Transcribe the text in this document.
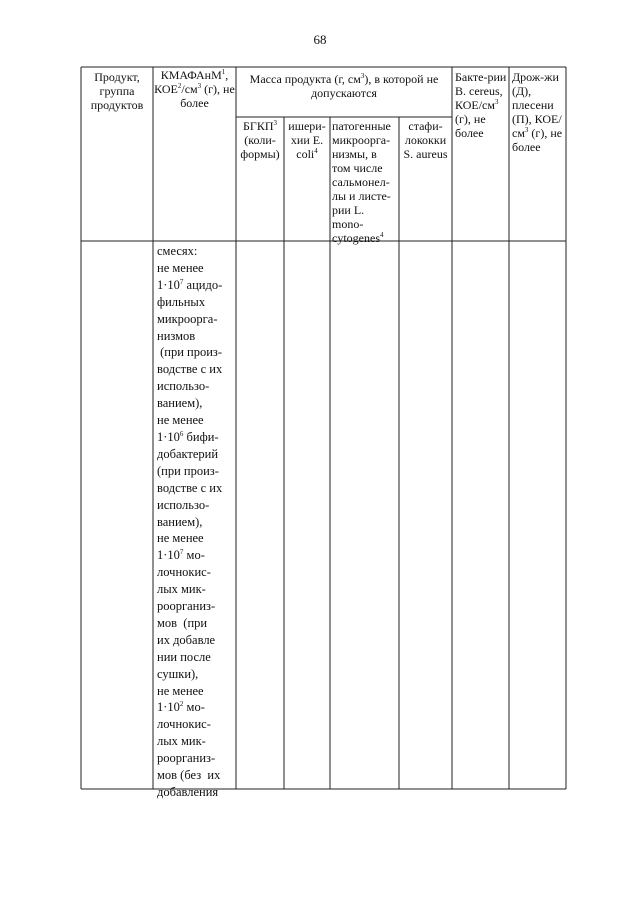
68
Продукт, группа продуктов
КМАФАнМ$^1$, $КОЕ^2/см^3$ (г), не более
Масса продукта (г, $см^3$), в которой не допускаются
БГКП$^3$ (коли-формы)
ишери-хии E. coli$^4$
патогенные микроорга-низмы, в том числе сальмонел-лы и листе-рии L. mono-cytogenes$^4$
стафи-лококки S. aureus
Бакте-рии B. cereus, КОЕ/$см^3$ (г), не более
Дрож-жи (Д), плесени (П), КОЕ/$см^3$ (г), не более
смесях:
не менее
$1\cdot 10^7$ ацидо-
фильных
микроорга-
низмов
(при произ-
водстве с их
использо-
ванием),
не менее
$1\cdot 10^6$ бифи-
добактерий
(при произ-
водстве с их
использо-
ванием),
не менее
$1\cdot 10^7$ мо-
лочнокис-
лых мик-
роорганиз-
мов  (при
их добавле
нии после
сушки),
не менее
$1\cdot 10^2$ мо-
лочнокис-
лых мик-
роорганиз-
мов (без  их
добавления
